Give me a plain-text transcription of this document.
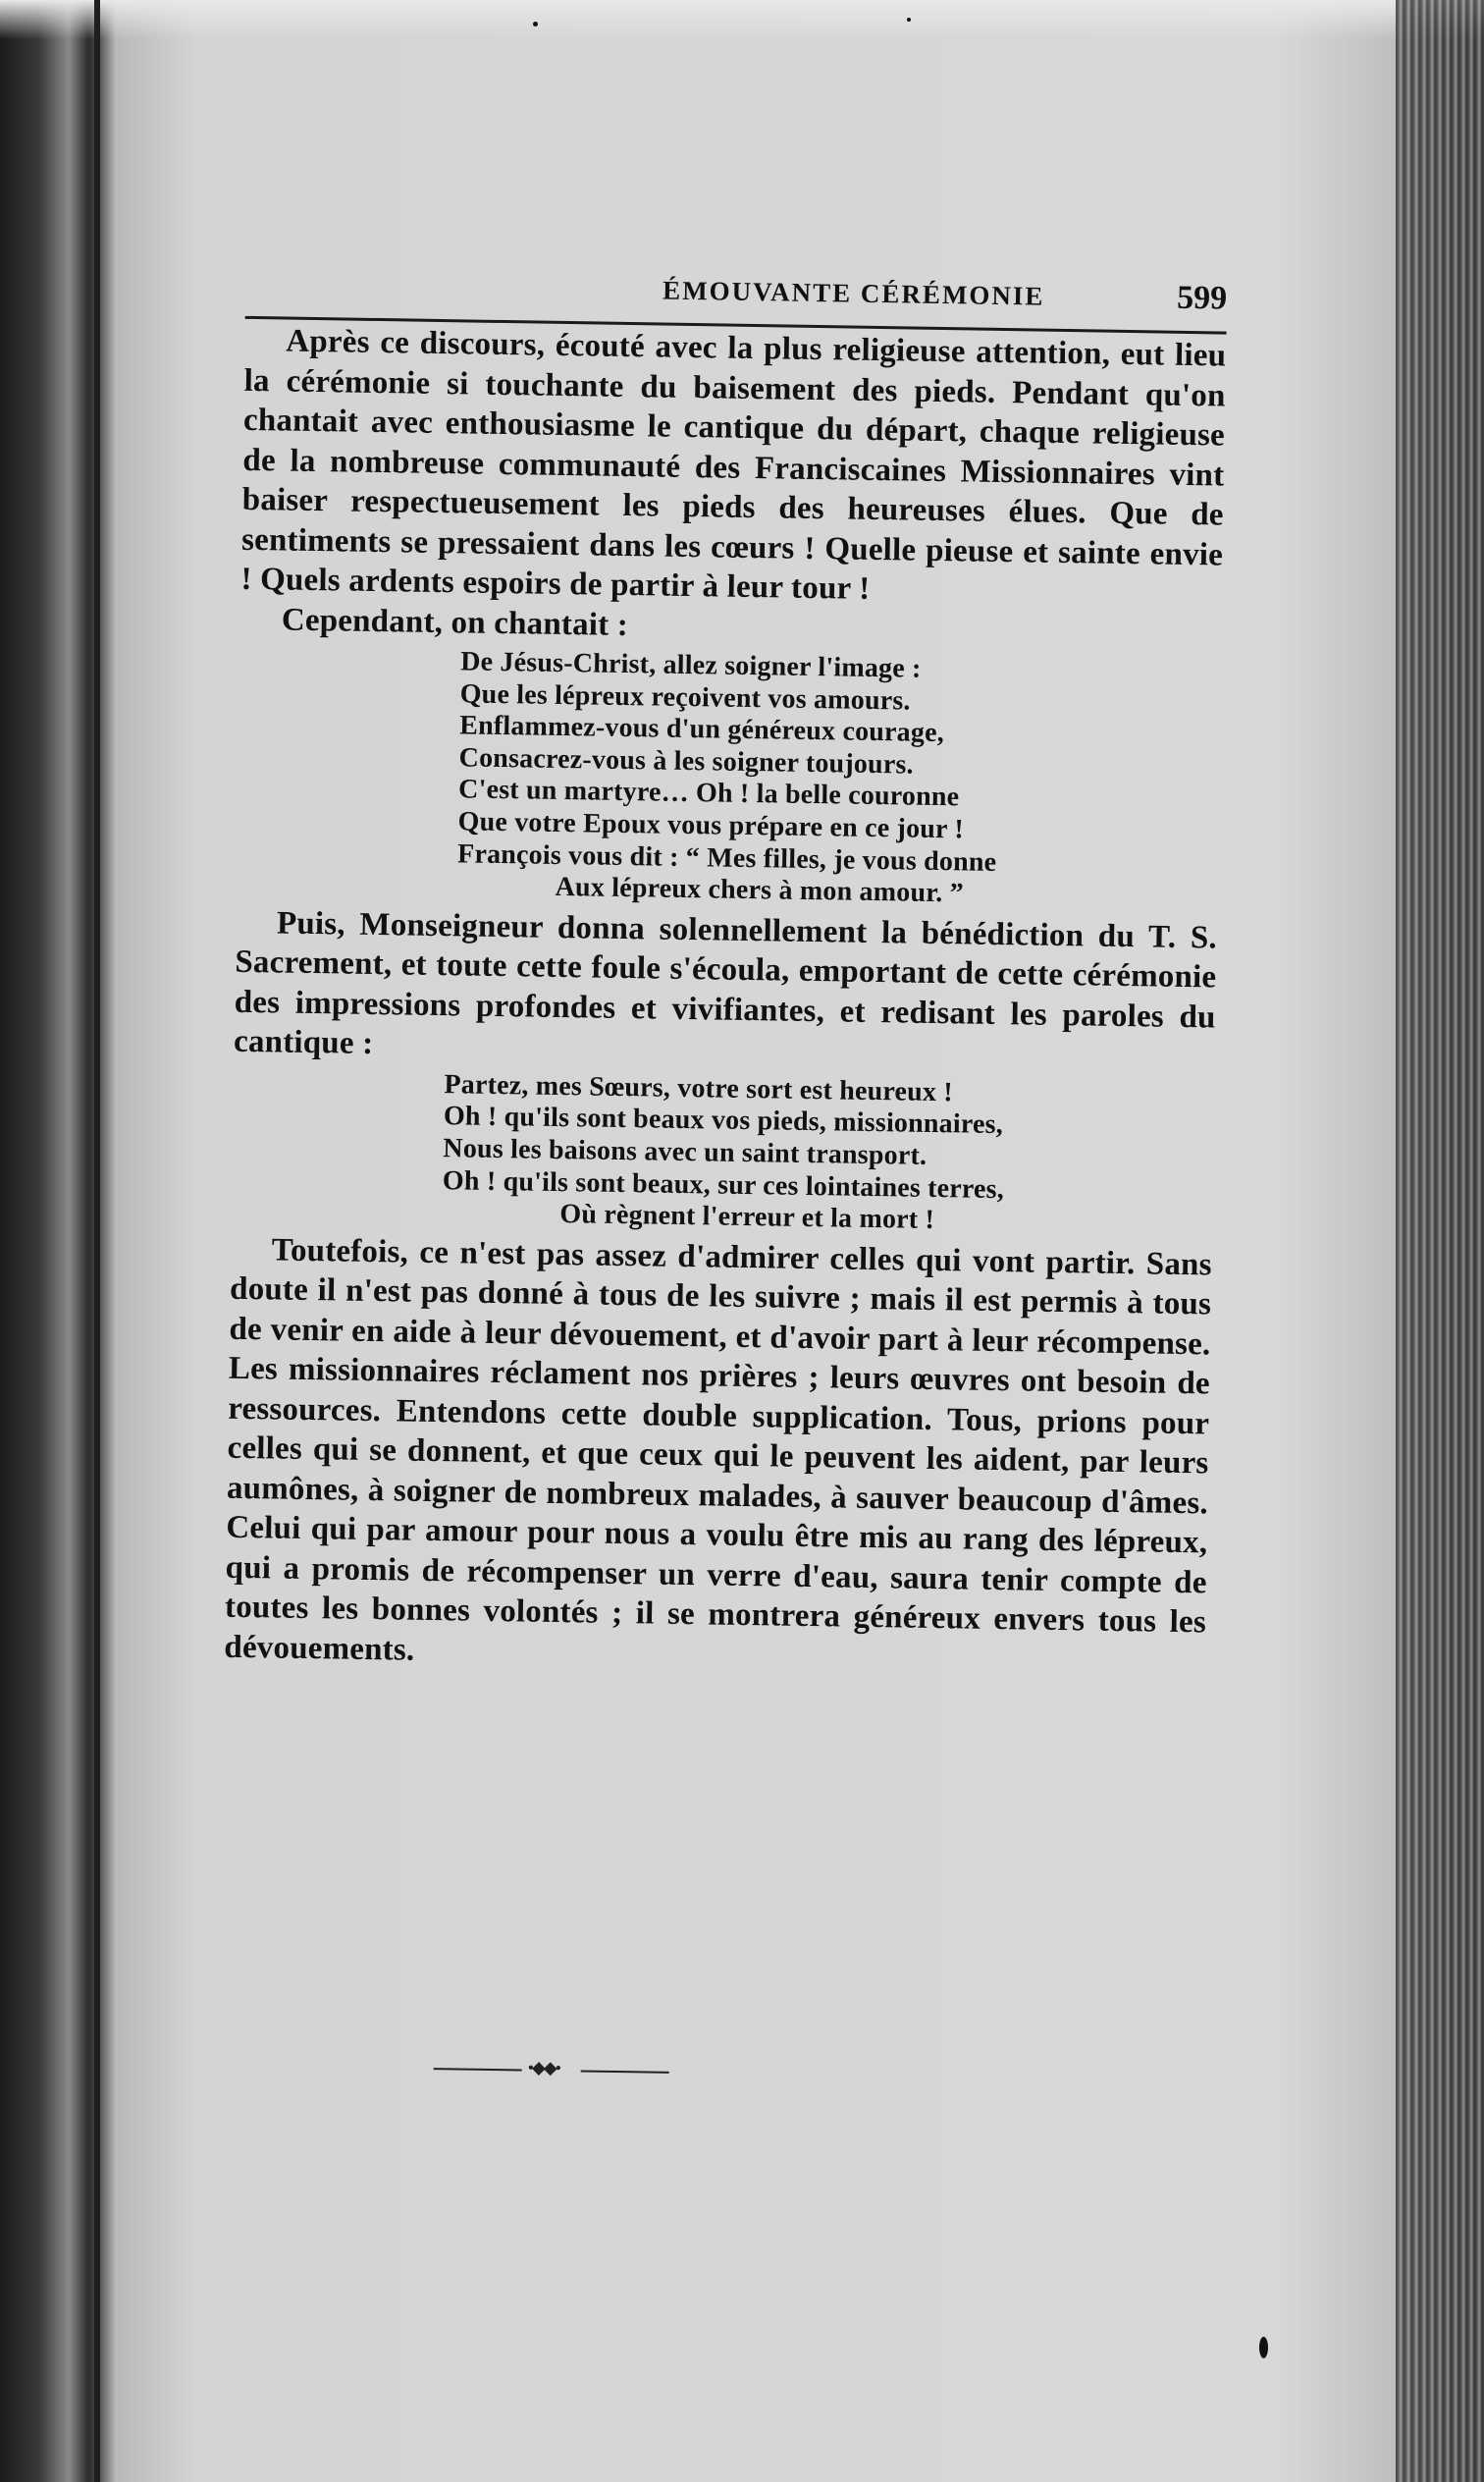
ÉMOUVANTE CÉRÉMONIE	599

Après ce discours, écouté avec la plus religieuse attention, eut lieu la cérémonie si touchante du baisement des pieds. Pendant qu'on chantait avec enthousiasme le cantique du départ, chaque religieuse de la nombreuse communauté des Franciscaines Missionnaires vint baiser respectueusement les pieds des heureuses élues. Que de sentiments se pressaient dans les cœurs ! Quelle pieuse et sainte envie ! Quels ardents espoirs de partir à leur tour !

Cependant, on chantait :

De Jésus-Christ, allez soigner l'image :
Que les lépreux reçoivent vos amours.
Enflammez-vous d'un généreux courage,
Consacrez-vous à les soigner toujours.
C'est un martyre… Oh ! la belle couronne
Que votre Epoux vous prépare en ce jour !
François vous dit : “ Mes filles, je vous donne
Aux lépreux chers à mon amour. ”

Puis, Monseigneur donna solennellement la bénédiction du T. S. Sacrement, et toute cette foule s'écoula, emportant de cette cérémonie des impressions profondes et vivifiantes, et redisant les paroles du cantique :

Partez, mes Sœurs, votre sort est heureux !
Oh ! qu'ils sont beaux vos pieds, missionnaires,
Nous les baisons avec un saint transport.
Oh ! qu'ils sont beaux, sur ces lointaines terres,
Où règnent l'erreur et la mort !

Toutefois, ce n'est pas assez d'admirer celles qui vont partir. Sans doute il n'est pas donné à tous de les suivre ; mais il est permis à tous de venir en aide à leur dévouement, et d'avoir part à leur récompense. Les missionnaires réclament nos prières ; leurs œuvres ont besoin de ressources. Entendons cette double supplication. Tous, prions pour celles qui se donnent, et que ceux qui le peuvent les aident, par leurs aumônes, à soigner de nombreux malades, à sauver beaucoup d'âmes. Celui qui par amour pour nous a voulu être mis au rang des lépreux, qui a promis de récompenser un verre d'eau, saura tenir compte de toutes les bonnes volontés ; il se montrera généreux envers tous les dévouements.

•◆◆•
